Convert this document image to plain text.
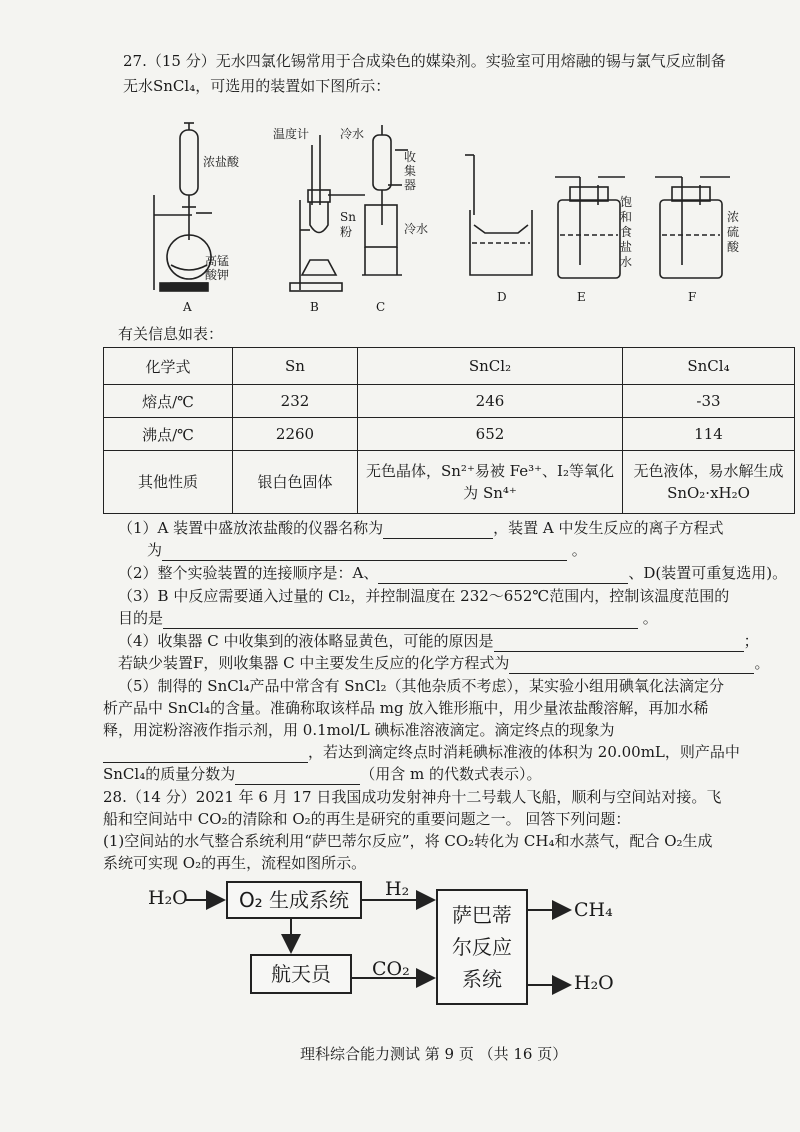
27.（15 分）无水四氯化锡常用于合成染色的媒染剂。实验室可用熔融的锡与氯气反应制备
无水SnCl₄，可选用的装置如下图所示：
浓盐酸
高锰
酸钾
温度计	冷水
收
集
器
Sn
粉	冷水
饱
和
食
盐
水
浓
硫
酸
A	B	C
D	E	F
有关信息如表：
化学式	Sn	SnCl₂	SnCl₄
熔点/℃	232	246	-33
沸点/℃	2260	652	114
其他性质	银白色固体	无色晶体，Sn²⁺易被 Fe³⁺、I₂等氧化为 Sn⁴⁺	无色液体，易水解生成 SnO₂·xH₂O
（1）A 装置中盛放浓盐酸的仪器名称为	，装置 A 中发生反应的离子方程式
为	。
（2）整个实验装置的连接顺序是：A、	、D(装置可重复选用)。
（3）B 中反应需要通入过量的 Cl₂，并控制温度在 232～652℃范围内，控制该温度范围的
目的是	。
（4）收集器 C 中收集到的液体略显黄色，可能的原因是	；
若缺少装置F，则收集器 C 中主要发生反应的化学方程式为	。
（5）制得的 SnCl₄产品中常含有 SnCl₂（其他杂质不考虑），某实验小组用碘氧化法滴定分
析产品中 SnCl₄的含量。准确称取该样品 mg 放入锥形瓶中，用少量浓盐酸溶解，再加水稀
释，用淀粉溶液作指示剂，用 0.1mol/L 碘标准溶液滴定。滴定终点的现象为
，若达到滴定终点时消耗碘标准液的体积为 20.00mL，则产品中
SnCl₄的质量分数为	（用含 m 的代数式表示）。
28.（14 分）2021 年 6 月 17 日我国成功发射神舟十二号载人飞船，顺利与空间站对接。飞
船和空间站中 CO₂的清除和 O₂的再生是研究的重要问题之一。 回答下列问题：
(1)空间站的水气整合系统利用“萨巴蒂尔反应”，将 CO₂转化为 CH₄和水蒸气，配合 O₂生成
系统可实现 O₂的再生，流程如图所示。
H₂O	O₂ 生成系统	H₂
萨巴蒂
尔反应
系统
CH₄
航天员	CO₂
H₂O
理科综合能力测试 第 9 页 （共 16 页）
